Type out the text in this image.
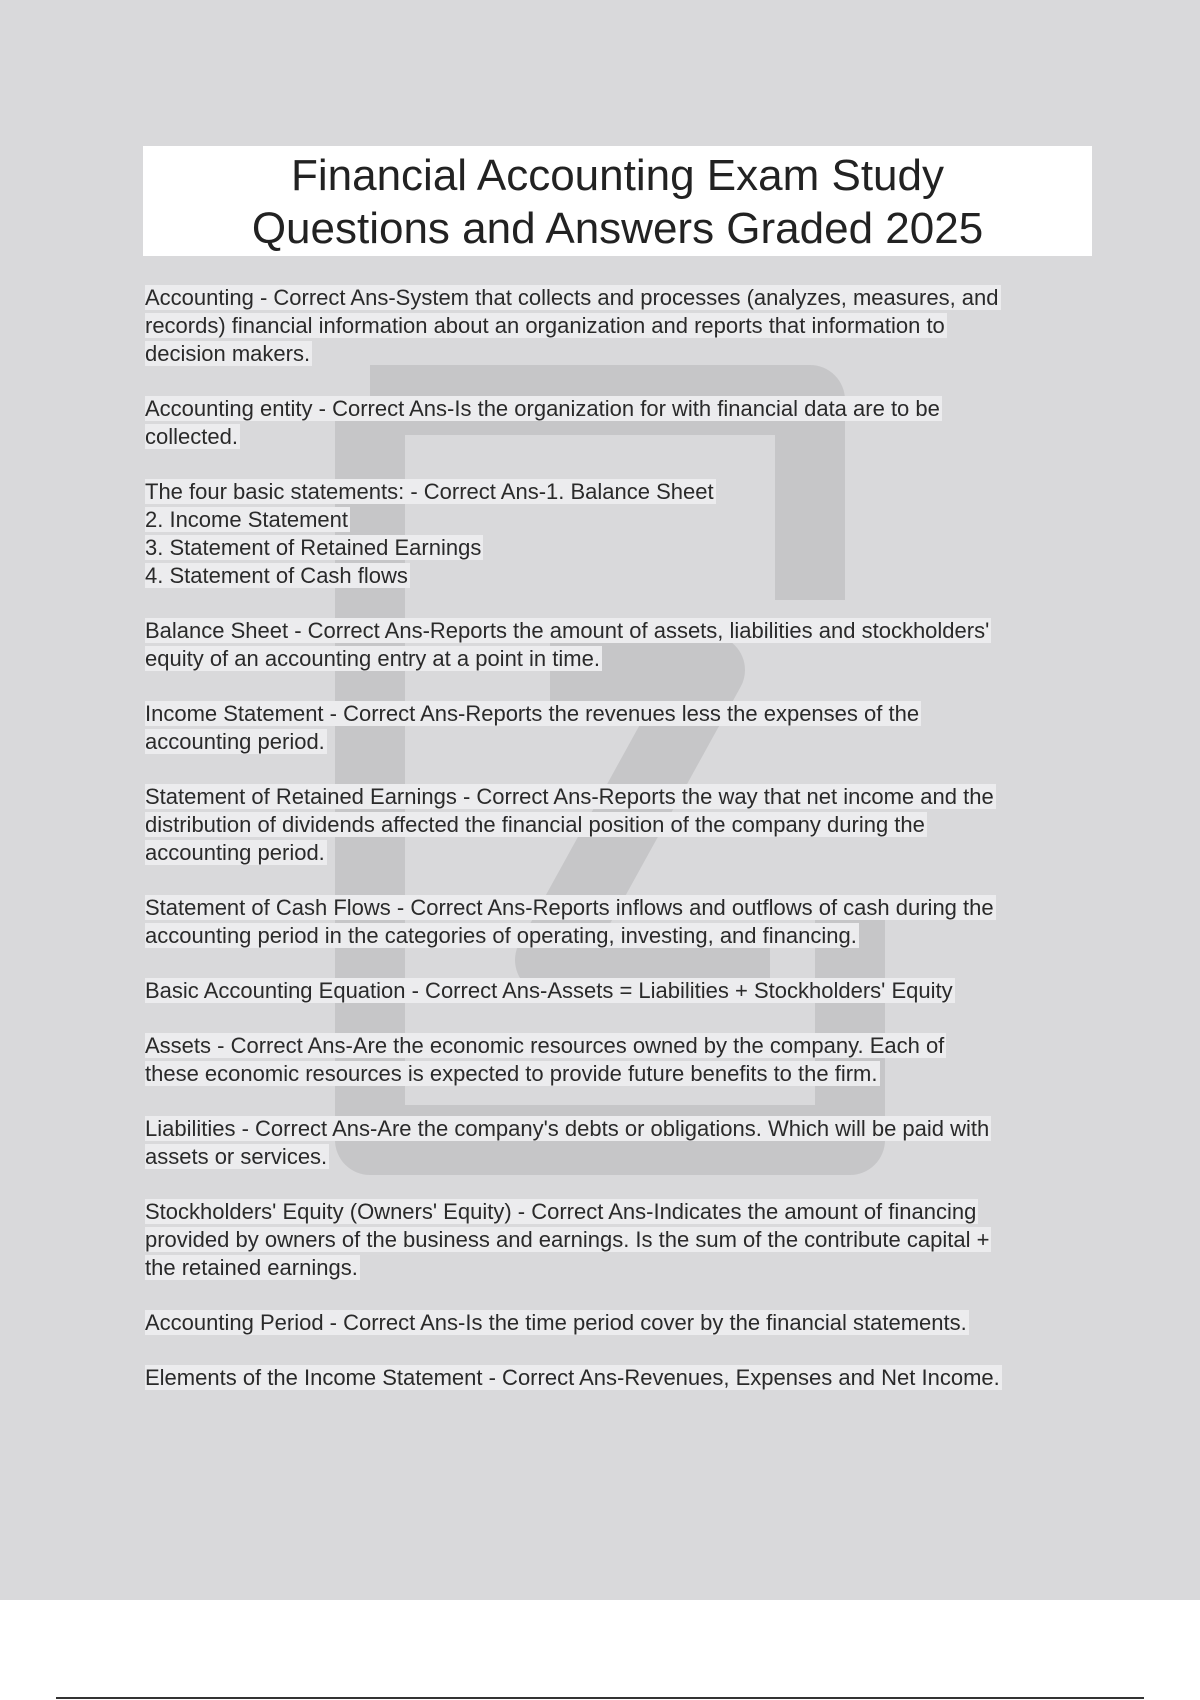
Financial Accounting Exam Study
Questions and Answers Graded 2025
Accounting - Correct Ans-System that collects and processes (analyzes, measures, and
records) financial information about an organization and reports that information to
decision makers.
Accounting entity - Correct Ans-Is the organization for with financial data are to be
collected.
The four basic statements: - Correct Ans-1. Balance Sheet
2. Income Statement
3. Statement of Retained Earnings
4. Statement of Cash flows
Balance Sheet - Correct Ans-Reports the amount of assets, liabilities and stockholders'
equity of an accounting entry at a point in time.
Income Statement - Correct Ans-Reports the revenues less the expenses of the
accounting period.
Statement of Retained Earnings - Correct Ans-Reports the way that net income and the
distribution of dividends affected the financial position of the company during the
accounting period.
Statement of Cash Flows - Correct Ans-Reports inflows and outflows of cash during the
accounting period in the categories of operating, investing, and financing.
Basic Accounting Equation - Correct Ans-Assets = Liabilities + Stockholders' Equity
Assets - Correct Ans-Are the economic resources owned by the company. Each of
these economic resources is expected to provide future benefits to the firm.
Liabilities - Correct Ans-Are the company's debts or obligations. Which will be paid with
assets or services.
Stockholders' Equity (Owners' Equity) - Correct Ans-Indicates the amount of financing
provided by owners of the business and earnings. Is the sum of the contribute capital +
the retained earnings.
Accounting Period - Correct Ans-Is the time period cover by the financial statements.
Elements of the Income Statement - Correct Ans-Revenues, Expenses and Net Income.
